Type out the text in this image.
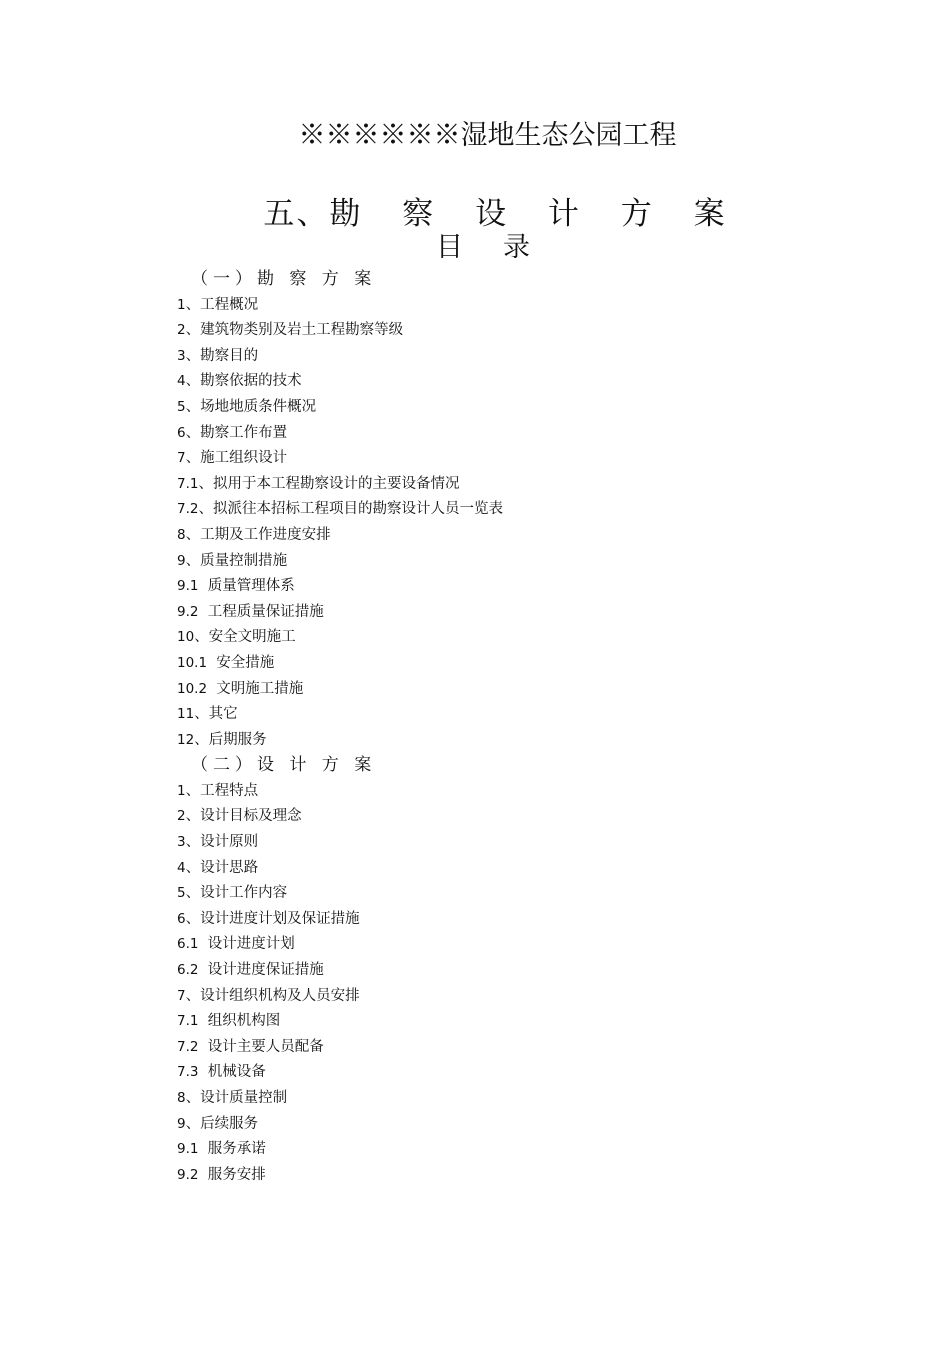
※※※※※※湿地生态公园工程
五、勘 察 设 计 方 案
目录
（一）勘 察 方 案
1、工程概况
2、建筑物类别及岩土工程勘察等级
3、勘察目的
4、勘察依据的技术
5、场地地质条件概况
6、勘察工作布置
7、施工组织设计
7.1、拟用于本工程勘察设计的主要设备情况
7.2、拟派往本招标工程项目的勘察设计人员一览表
8、工期及工作进度安排
9、质量控制措施
9.1  质量管理体系
9.2  工程质量保证措施
10、安全文明施工
10.1  安全措施
10.2  文明施工措施
11、其它
12、后期服务
（二）设 计 方 案
1、工程特点
2、设计目标及理念
3、设计原则
4、设计思路
5、设计工作内容
6、设计进度计划及保证措施
6.1  设计进度计划
6.2  设计进度保证措施
7、设计组织机构及人员安排
7.1  组织机构图
7.2  设计主要人员配备
7.3  机械设备
8、设计质量控制
9、后续服务
9.1  服务承诺
9.2  服务安排
